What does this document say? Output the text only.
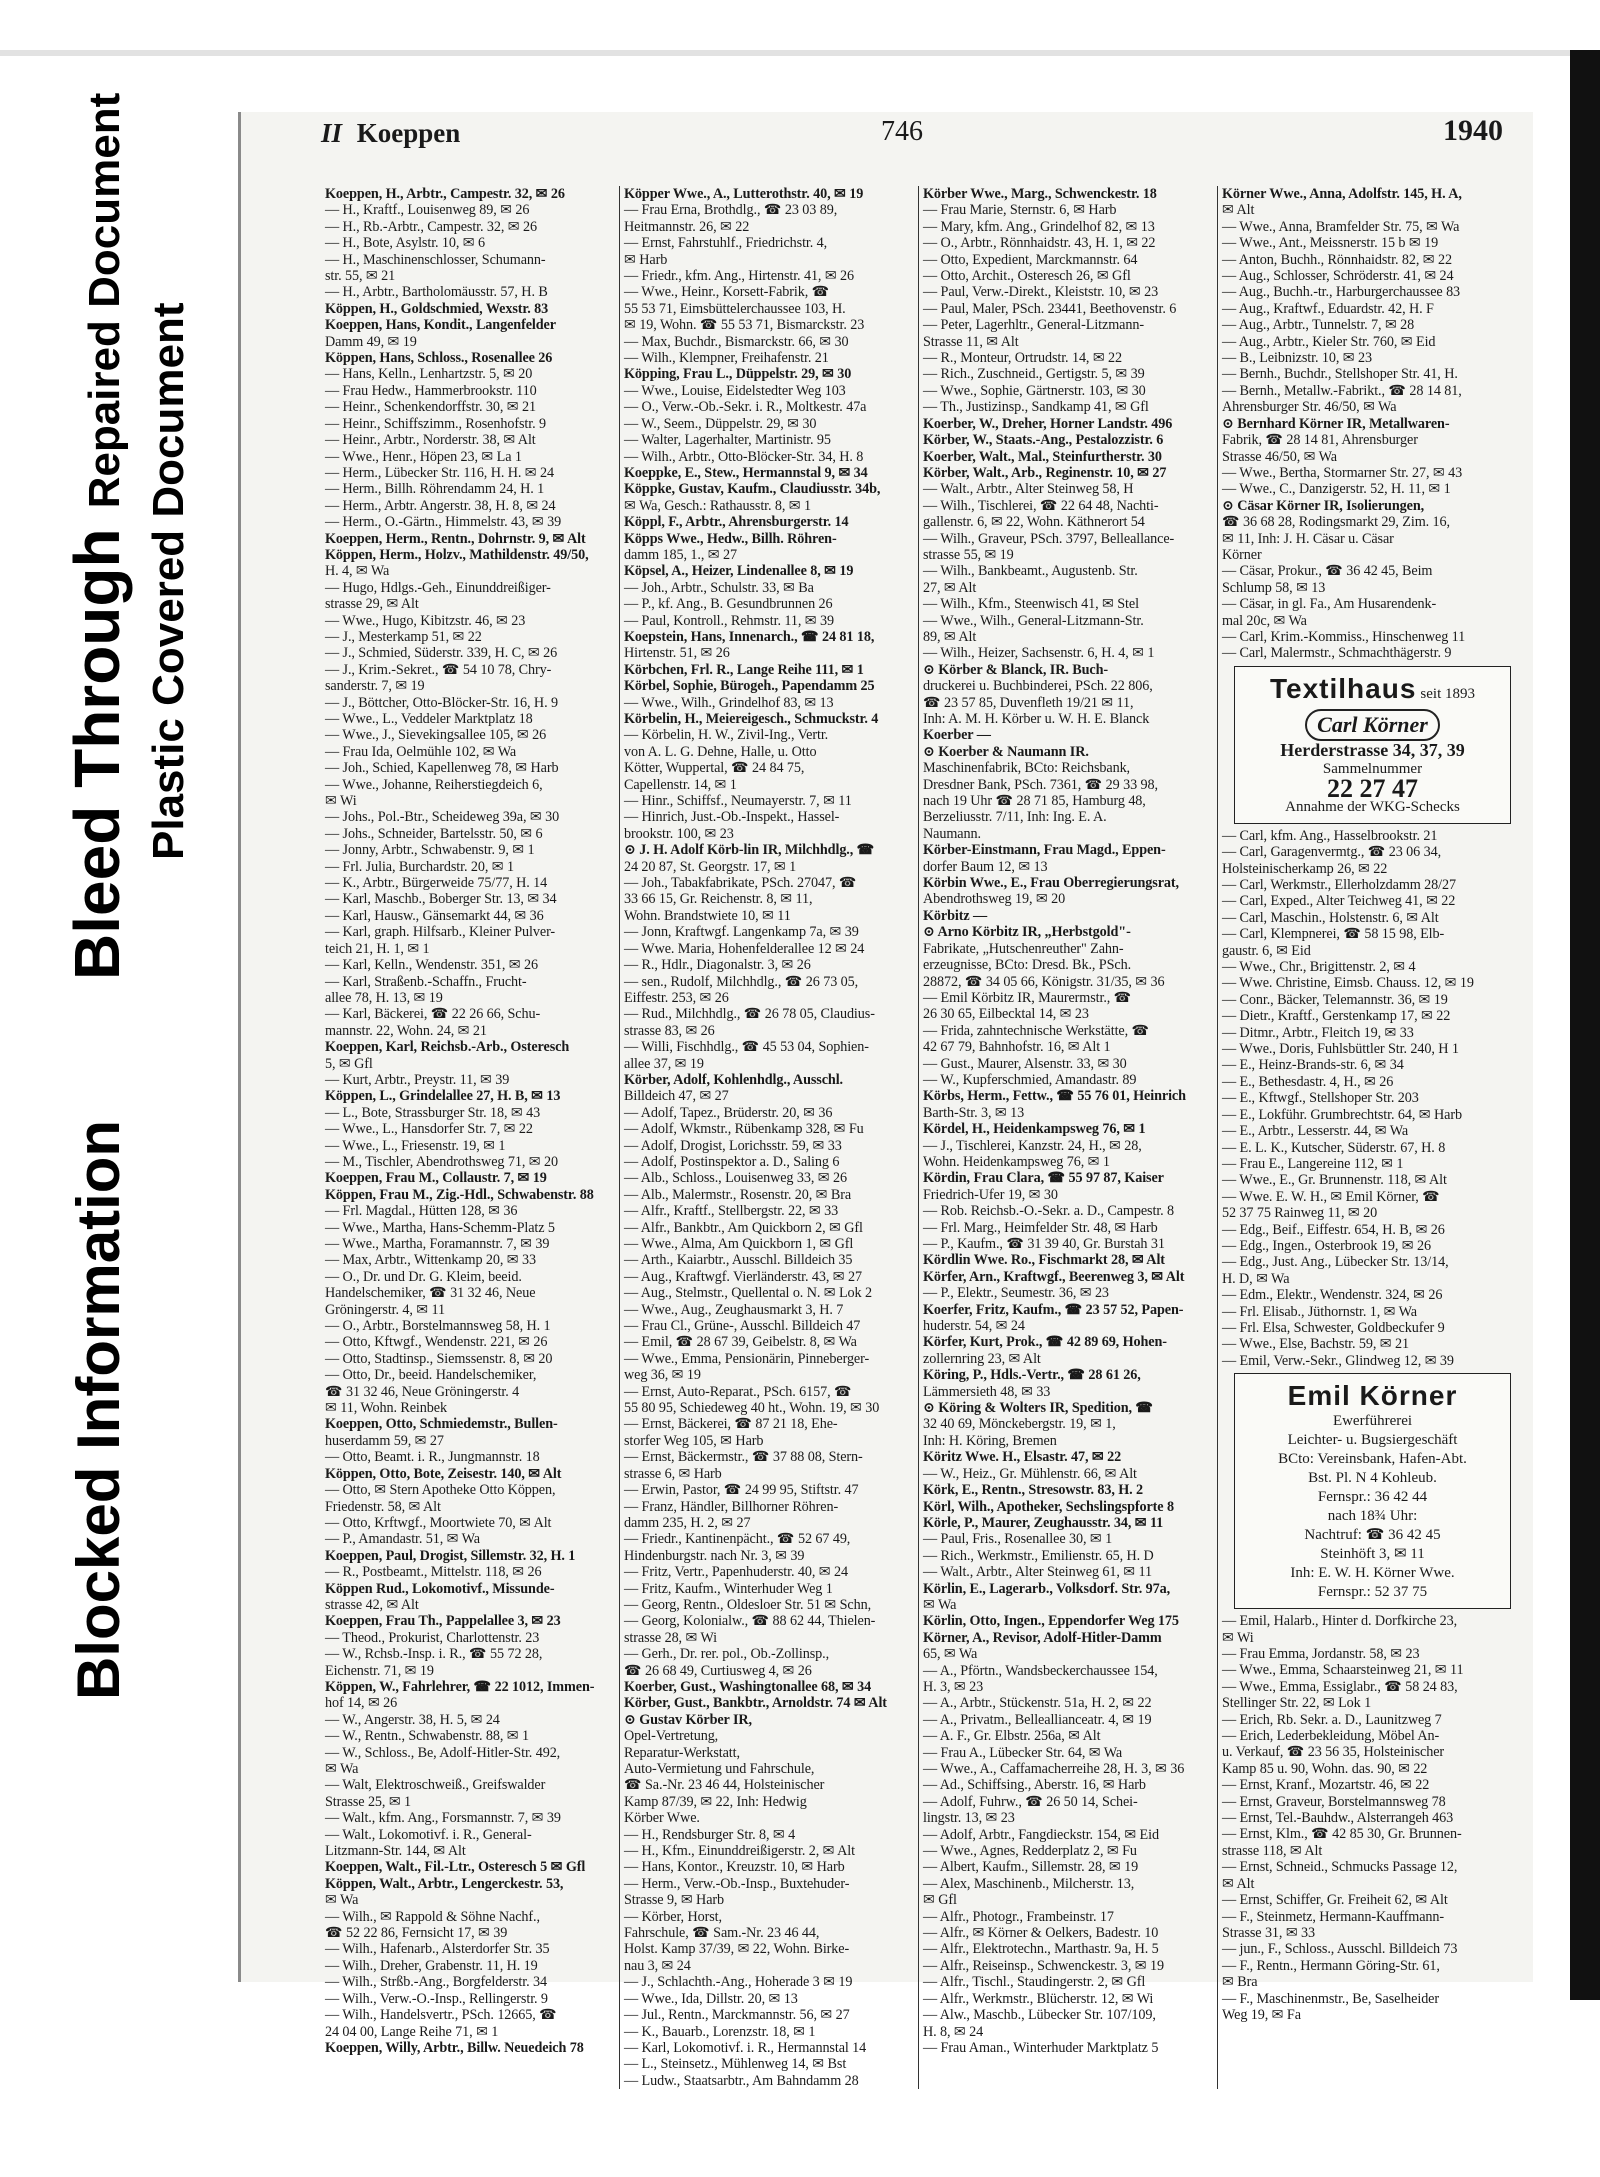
Blocked Information
Bleed Through
Repaired Document
Plastic Covered Document
II Koeppen	746	1940
Koeppen, H., Arbtr., Campestr. 32, ✉ 26
— H., Kraftf., Louisenweg 89, ✉ 26
— H., Rb.-Arbtr., Campestr. 32, ✉ 26
— H., Bote, Asylstr. 10, ✉ 6
— H., Maschinenschlosser, Schumann-
str. 55, ✉ 21
— H., Arbtr., Bartholomäusstr. 57, H. B
Köppen, H., Goldschmied, Wexstr. 83
Koeppen, Hans, Kondit., Langenfelder
Damm 49, ✉ 19
Köppen, Hans, Schloss., Rosenallee 26
— Hans, Kelln., Lenhartzstr. 5, ✉ 20
— Frau Hedw., Hammerbrookstr. 110
— Heinr., Schenkendorffstr. 30, ✉ 21
— Heinr., Schiffszimm., Rosenhofstr. 9
— Heinr., Arbtr., Norderstr. 38, ✉ Alt
— Wwe., Henr., Höpen 23, ✉ La 1
— Herm., Lübecker Str. 116, H. H. ✉ 24
— Herm., Billh. Röhrendamm 24, H. 1
— Herm., Arbtr. Angerstr. 38, H. 8, ✉ 24
— Herm., O.-Gärtn., Himmelstr. 43, ✉ 39
Koeppen, Herm., Rentn., Dohrnstr. 9, ✉ Alt
Köppen, Herm., Holzv., Mathildenstr. 49/50,
H. 4, ✉ Wa
— Hugo, Hdlgs.-Geh., Einunddreißiger-
strasse 29, ✉ Alt
— Wwe., Hugo, Kibitzstr. 46, ✉ 23
— J., Mesterkamp 51, ✉ 22
— J., Schmied, Süderstr. 339, H. C, ✉ 26
— J., Krim.-Sekret., ☎ 54 10 78, Chry-
sanderstr. 7, ✉ 19
— J., Böttcher, Otto-Blöcker-Str. 16, H. 9
— Wwe., L., Veddeler Marktplatz 18
— Wwe., J., Sievekingsallee 105, ✉ 26
— Frau Ida, Oelmühle 102, ✉ Wa
— Joh., Schied, Kapellenweg 78, ✉ Harb
— Wwe., Johanne, Reiherstiegdeich 6,
✉ Wi
— Johs., Pol.-Btr., Scheideweg 39a, ✉ 30
— Johs., Schneider, Bartelsstr. 50, ✉ 6
— Jonny, Arbtr., Schwabenstr. 9, ✉ 1
— Frl. Julia, Burchardstr. 20, ✉ 1
— K., Arbtr., Bürgerweide 75/77, H. 14
— Karl, Maschb., Boberger Str. 13, ✉ 34
— Karl, Hausw., Gänsemarkt 44, ✉ 36
— Karl, graph. Hilfsarb., Kleiner Pulver-
teich 21, H. 1, ✉ 1
— Karl, Kelln., Wendenstr. 351, ✉ 26
— Karl, Straßenb.-Schaffn., Frucht-
allee 78, H. 13, ✉ 19
— Karl, Bäckerei, ☎ 22 26 66, Schu-
mannstr. 22, Wohn. 24, ✉ 21
Koeppen, Karl, Reichsb.-Arb., Osteresch
5, ✉ Gfl
— Kurt, Arbtr., Preystr. 11, ✉ 39
Köppen, L., Grindelallee 27, H. B, ✉ 13
— L., Bote, Strassburger Str. 18, ✉ 43
— Wwe., L., Hansdorfer Str. 7, ✉ 22
— Wwe., L., Friesenstr. 19, ✉ 1
— M., Tischler, Abendrothsweg 71, ✉ 20
Koeppen, Frau M., Collaustr. 7, ✉ 19
Köppen, Frau M., Zig.-Hdl., Schwabenstr. 88
— Frl. Magdal., Hütten 128, ✉ 36
— Wwe., Martha, Hans-Schemm-Platz 5
— Wwe., Martha, Foramannstr. 7, ✉ 39
— Max, Arbtr., Wittenkamp 20, ✉ 33
— O., Dr. und Dr. G. Kleim, beeid.
Handelschemiker, ☎ 31 32 46, Neue
Gröningerstr. 4, ✉ 11
— O., Arbtr., Borstelmannsweg 58, H. 1
— Otto, Kftwgf., Wendenstr. 221, ✉ 26
— Otto, Stadtinsp., Siemssenstr. 8, ✉ 20
— Otto, Dr., beeid. Handelschemiker,
☎ 31 32 46, Neue Gröningerstr. 4
✉ 11, Wohn. Reinbek
Koeppen, Otto, Schmiedemstr., Bullen-
huserdamm 59, ✉ 27
— Otto, Beamt. i. R., Jungmannstr. 18
Köppen, Otto, Bote, Zeisestr. 140, ✉ Alt
— Otto, ✉ Stern Apotheke Otto Köppen,
Friedenstr. 58, ✉ Alt
— Otto, Krftwgf., Moortwiete 70, ✉ Alt
— P., Amandastr. 51, ✉ Wa
Koeppen, Paul, Drogist, Sillemstr. 32, H. 1
— R., Postbeamt., Mittelstr. 118, ✉ 26
Köppen Rud., Lokomotivf., Missunde-
strasse 42, ✉ Alt
Koeppen, Frau Th., Pappelallee 3, ✉ 23
— Theod., Prokurist, Charlottenstr. 23
— W., Rchsb.-Insp. i. R., ☎ 55 72 28,
Eichenstr. 71, ✉ 19
Köppen, W., Fahrlehrer, ☎ 22 1012, Immen-
hof 14, ✉ 26
— W., Angerstr. 38, H. 5, ✉ 24
— W., Rentn., Schwabenstr. 88, ✉ 1
— W., Schloss., Be, Adolf-Hitler-Str. 492,
✉ Wa
— Walt, Elektroschweiß., Greifswalder
Strasse 25, ✉ 1
— Walt., kfm. Ang., Forsmannstr. 7, ✉ 39
— Walt., Lokomotivf. i. R., General-
Litzmann-Str. 144, ✉ Alt
Koeppen, Walt., Fil.-Ltr., Osteresch 5 ✉ Gfl
Köppen, Walt., Arbtr., Lengerckestr. 53,
✉ Wa
— Wilh., ✉ Rappold & Söhne Nachf.,
☎ 52 22 86, Fernsicht 17, ✉ 39
— Wilh., Hafenarb., Alsterdorfer Str. 35
— Wilh., Dreher, Grabenstr. 11, H. 19
— Wilh., Strßb.-Ang., Borgfelderstr. 34
— Wilh., Verw.-O.-Insp., Rellingerstr. 9
— Wilh., Handelsvertr., PSch. 12665, ☎
24 04 00, Lange Reihe 71, ✉ 1
Koeppen, Willy, Arbtr., Billw. Neuedeich 78
Köpper Wwe., A., Lutterothstr. 40, ✉ 19
— Frau Erna, Brothdlg., ☎ 23 03 89,
Heitmannstr. 26, ✉ 22
— Ernst, Fahrstuhlf., Friedrichstr. 4,
✉ Harb
— Friedr., kfm. Ang., Hirtenstr. 41, ✉ 26
— Wwe., Heinr., Korsett-Fabrik, ☎
55 53 71, Eimsbüttelerchaussee 103, H.
✉ 19, Wohn. ☎ 55 53 71, Bismarckstr. 23
— Max, Buchdr., Bismarckstr. 66, ✉ 30
— Wilh., Klempner, Freihafenstr. 21
Köpping, Frau L., Düppelstr. 29, ✉ 30
— Wwe., Louise, Eidelstedter Weg 103
— O., Verw.-Ob.-Sekr. i. R., Moltkestr. 47a
— W., Seem., Düppelstr. 29, ✉ 30
— Walter, Lagerhalter, Martinistr. 95
— Wilh., Arbtr., Otto-Blöcker-Str. 34, H. 8
Koeppke, E., Stew., Hermannstal 9, ✉ 34
Köppke, Gustav, Kaufm., Claudiusstr. 34b,
✉ Wa, Gesch.: Rathausstr. 8, ✉ 1
Köppl, F., Arbtr., Ahrensburgerstr. 14
Köpps Wwe., Hedw., Billh. Röhren-
damm 185, 1., ✉ 27
Köpsel, A., Heizer, Lindenallee 8, ✉ 19
— Joh., Arbtr., Schulstr. 33, ✉ Ba
— P., kf. Ang., B. Gesundbrunnen 26
— Paul, Kontroll., Rehmstr. 11, ✉ 39
Koepstein, Hans, Innenarch., ☎ 24 81 18,
Hirtenstr. 51, ✉ 26
Körbchen, Frl. R., Lange Reihe 111, ✉ 1
Körbel, Sophie, Bürogeh., Papendamm 25
— Wwe., Wilh., Grindelhof 83, ✉ 13
Körbelin, H., Meiereigesch., Schmuckstr. 4
— Körbelin, H. W., Zivil-Ing., Vertr.
von A. L. G. Dehne, Halle, u. Otto
Kötter, Wuppertal, ☎ 24 84 75,
Capellenstr. 14, ✉ 1
— Hinr., Schiffsf., Neumayerstr. 7, ✉ 11
— Hinrich, Just.-Ob.-Inspekt., Hassel-
brookstr. 100, ✉ 23
⊙ J. H. Adolf Körb-lin IR, Milchhdlg., ☎
24 20 87, St. Georgstr. 17, ✉ 1
— Joh., Tabakfabrikate, PSch. 27047, ☎
33 66 15, Gr. Reichenstr. 8, ✉ 11,
Wohn. Brandstwiete 10, ✉ 11
— Jonn, Kraftwgf. Langenkamp 7a, ✉ 39
— Wwe. Maria, Hohenfelderallee 12 ✉ 24
— R., Hdlr., Diagonalstr. 3, ✉ 26
— sen., Rudolf, Milchhdlg., ☎ 26 73 05,
Eiffestr. 253, ✉ 26
— Rud., Milchhdlg., ☎ 26 78 05, Claudius-
strasse 83, ✉ 26
— Willi, Fischhdlg., ☎ 45 53 04, Sophien-
allee 37, ✉ 19
Körber, Adolf, Kohlenhdlg., Ausschl.
Billdeich 47, ✉ 27
— Adolf, Tapez., Brüderstr. 20, ✉ 36
— Adolf, Wkmstr., Rübenkamp 328, ✉ Fu
— Adolf, Drogist, Lorichsstr. 59, ✉ 33
— Adolf, Postinspektor a. D., Saling 6
— Alb., Schloss., Louisenweg 33, ✉ 26
— Alb., Malermstr., Rosenstr. 20, ✉ Bra
— Alfr., Kraftf., Stellbergstr. 22, ✉ 33
— Alfr., Bankbtr., Am Quickborn 2, ✉ Gfl
— Wwe., Alma, Am Quickborn 1, ✉ Gfl
— Arth., Kaiarbtr., Ausschl. Billdeich 35
— Aug., Kraftwgf. Vierländerstr. 43, ✉ 27
— Aug., Stelmstr., Quellental o. N. ✉ Lok 2
— Wwe., Aug., Zeughausmarkt 3, H. 7
— Frau Cl., Grüne-, Ausschl. Billdeich 47
— Emil, ☎ 28 67 39, Geibelstr. 8, ✉ Wa
— Wwe., Emma, Pensionärin, Pinneberger-
weg 36, ✉ 19
— Ernst, Auto-Reparat., PSch. 6157, ☎
55 80 95, Schiedeweg 40 ht., Wohn. 19, ✉ 30
— Ernst, Bäckerei, ☎ 87 21 18, Ehe-
storfer Weg 105, ✉ Harb
— Ernst, Bäckermstr., ☎ 37 88 08, Stern-
strasse 6, ✉ Harb
— Erwin, Pastor, ☎ 24 99 95, Stiftstr. 47
— Franz, Händler, Billhorner Röhren-
damm 235, H. 2, ✉ 27
— Friedr., Kantinenpächt., ☎ 52 67 49,
Hindenburgstr. nach Nr. 3, ✉ 39
— Fritz, Vertr., Papenhuderstr. 40, ✉ 24
— Fritz, Kaufm., Winterhuder Weg 1
— Georg, Rentn., Oldesloer Str. 51 ✉ Schn,
— Georg, Kolonialw., ☎ 88 62 44, Thielen-
strasse 28, ✉ Wi
— Gerh., Dr. rer. pol., Ob.-Zollinsp.,
☎ 26 68 49, Curtiusweg 4, ✉ 26
Koerber, Gust., Washingtonallee 68, ✉ 34
Körber, Gust., Bankbtr., Arnoldstr. 74 ✉ Alt
⊙ Gustav Körber IR,
Opel-Vertretung,
Reparatur-Werkstatt,
Auto-Vermietung und Fahrschule,
☎ Sa.-Nr. 23 46 44, Holsteinischer
Kamp 87/39, ✉ 22, Inh: Hedwig
Körber Wwe.
— H., Rendsburger Str. 8, ✉ 4
— H., Kfm., Einunddreißigerstr. 2, ✉ Alt
— Hans, Kontor., Kreuzstr. 10, ✉ Harb
— Herm., Verw.-Ob.-Insp., Buxtehuder-
Strasse 9, ✉ Harb
— Körber, Horst,
Fahrschule, ☎ Sam.-Nr. 23 46 44,
Holst. Kamp 37/39, ✉ 22, Wohn. Birke-
nau 3, ✉ 24
— J., Schlachth.-Ang., Hoherade 3 ✉ 19
— Wwe., Ida, Dillstr. 20, ✉ 13
— Jul., Rentn., Marckmannstr. 56, ✉ 27
— K., Bauarb., Lorenzstr. 18, ✉ 1
— Karl, Lokomotivf. i. R., Hermannstal 14
— L., Steinsetz., Mühlenweg 14, ✉ Bst
— Ludw., Staatsarbtr., Am Bahndamm 28
Körber Wwe., Marg., Schwenckestr. 18
— Frau Marie, Sternstr. 6, ✉ Harb
— Mary, kfm. Ang., Grindelhof 82, ✉ 13
— O., Arbtr., Rönnhaidstr. 43, H. 1, ✉ 22
— Otto, Expedient, Marckmannstr. 64
— Otto, Archit., Osteresch 26, ✉ Gfl
— Paul, Verw.-Direkt., Kleiststr. 10, ✉ 23
— Paul, Maler, PSch. 23441, Beethovenstr. 6
— Peter, Lagerhltr., General-Litzmann-
Strasse 11, ✉ Alt
— R., Monteur, Ortrudstr. 14, ✉ 22
— Rich., Zuschneid., Gertigstr. 5, ✉ 39
— Wwe., Sophie, Gärtnerstr. 103, ✉ 30
— Th., Justizinsp., Sandkamp 41, ✉ Gfl
Koerber, W., Dreher, Horner Landstr. 496
Körber, W., Staats.-Ang., Pestalozzistr. 6
Koerber, Walt., Mal., Steinfurtherstr. 30
Körber, Walt., Arb., Reginenstr. 10, ✉ 27
— Walt., Arbtr., Alter Steinweg 58, H
— Wilh., Tischlerei, ☎ 22 64 48, Nachti-
gallenstr. 6, ✉ 22, Wohn. Käthnerort 54
— Wilh., Graveur, PSch. 3797, Belleallance-
strasse 55, ✉ 19
— Wilh., Bankbeamt., Augustenb. Str.
27, ✉ Alt
— Wilh., Kfm., Steenwisch 41, ✉ Stel
— Wwe., Wilh., General-Litzmann-Str.
89, ✉ Alt
— Wilh., Heizer, Sachsenstr. 6, H. 4, ✉ 1
⊙ Körber & Blanck, IR. Buch-
druckerei u. Buchbinderei, PSch. 22 806,
☎ 23 57 85, Duvenfleth 19/21 ✉ 11,
Inh: A. M. H. Körber u. W. H. E. Blanck
Koerber —
⊙ Koerber & Naumann IR.
Maschinenfabrik, BCto: Reichsbank,
Dresdner Bank, PSch. 7361, ☎ 29 33 98,
nach 19 Uhr ☎ 28 71 85, Hamburg 48,
Berzeliusstr. 7/11, Inh: Ing. E. A.
Naumann.
Körber-Einstmann, Frau Magd., Eppen-
dorfer Baum 12, ✉ 13
Körbin Wwe., E., Frau Oberregierungsrat,
Abendrothsweg 19, ✉ 20
Körbitz —
⊙ Arno Körbitz IR, „Herbstgold"-
Fabrikate, „Hutschenreuther" Zahn-
erzeugnisse, BCto: Dresd. Bk., PSch.
28872, ☎ 34 05 66, Königstr. 31/35, ✉ 36
— Emil Körbitz IR, Maurermstr., ☎
26 30 65, Eilbecktal 14, ✉ 23
— Frida, zahntechnische Werkstätte, ☎
42 67 79, Bahnhofstr. 16, ✉ Alt 1
— Gust., Maurer, Alsenstr. 33, ✉ 30
— W., Kupferschmied, Amandastr. 89
Körbs, Herm., Fettw., ☎ 55 76 01, Heinrich
Barth-Str. 3, ✉ 13
Kördel, H., Heidenkampsweg 76, ✉ 1
— J., Tischlerei, Kanzstr. 24, H., ✉ 28,
Wohn. Heidenkampsweg 76, ✉ 1
Kördin, Frau Clara, ☎ 55 97 87, Kaiser
Friedrich-Ufer 19, ✉ 30
— Rob. Reichsb.-O.-Sekr. a. D., Campestr. 8
— Frl. Marg., Heimfelder Str. 48, ✉ Harb
— P., Kaufm., ☎ 31 39 40, Gr. Burstah 31
Kördlin Wwe. Ro., Fischmarkt 28, ✉ Alt
Körfer, Arn., Kraftwgf., Beerenweg 3, ✉ Alt
— P., Elektr., Seumestr. 36, ✉ 23
Koerfer, Fritz, Kaufm., ☎ 23 57 52, Papen-
huderstr. 54, ✉ 24
Körfer, Kurt, Prok., ☎ 42 89 69, Hohen-
zollernring 23, ✉ Alt
Köring, P., Hdls.-Vertr., ☎ 28 61 26,
Lämmersieth 48, ✉ 33
⊙ Köring & Wolters IR, Spedition, ☎
32 40 69, Mönckebergstr. 19, ✉ 1,
Inh: H. Köring, Bremen
Köritz Wwe. H., Elsastr. 47, ✉ 22
— W., Heiz., Gr. Mühlenstr. 66, ✉ Alt
Körk, E., Rentn., Stresowstr. 83, H. 2
Körl, Wilh., Apotheker, Sechslingspforte 8
Körle, P., Maurer, Zeughausstr. 34, ✉ 11
— Paul, Fris., Rosenallee 30, ✉ 1
— Rich., Werkmstr., Emilienstr. 65, H. D
— Walt., Arbtr., Alter Steinweg 61, ✉ 11
Körlin, E., Lagerarb., Volksdorf. Str. 97a,
✉ Wa
Körlin, Otto, Ingen., Eppendorfer Weg 175
Körner, A., Revisor, Adolf-Hitler-Damm
65, ✉ Wa
— A., Pförtn., Wandsbeckerchaussee 154,
H. 3, ✉ 23
— A., Arbtr., Stückenstr. 51a, H. 2, ✉ 22
— A., Privatm., Belleallianceatr. 4, ✉ 19
— A. F., Gr. Elbstr. 256a, ✉ Alt
— Frau A., Lübecker Str. 64, ✉ Wa
— Wwe., A., Caffamacherreihe 28, H. 3, ✉ 36
— Ad., Schiffsing., Aberstr. 16, ✉ Harb
— Adolf, Fuhrw., ☎ 26 50 14, Schei-
lingstr. 13, ✉ 23
— Adolf, Arbtr., Fangdieckstr. 154, ✉ Eid
— Wwe., Agnes, Redderplatz 2, ✉ Fu
— Albert, Kaufm., Sillemstr. 28, ✉ 19
— Alex, Maschinenb., Milcherstr. 13,
✉ Gfl
— Alfr., Photogr., Frambeinstr. 17
— Alfr., ✉ Körner & Oelkers, Badestr. 10
— Alfr., Elektrotechn., Marthastr. 9a, H. 5
— Alfr., Reiseinsp., Schwenckestr. 3, ✉ 19
— Alfr., Tischl., Staudingerstr. 2, ✉ Gfl
— Alfr., Werkmstr., Blücherstr. 12, ✉ Wi
— Alw., Maschb., Lübecker Str. 107/109,
H. 8, ✉ 24
— Frau Aman., Winterhuder Marktplatz 5
Körner Wwe., Anna, Adolfstr. 145, H. A,
✉ Alt
— Wwe., Anna, Bramfelder Str. 75, ✉ Wa
— Wwe., Ant., Meissnerstr. 15 b ✉ 19
— Anton, Buchh., Rönnhaidstr. 82, ✉ 22
— Aug., Schlosser, Schröderstr. 41, ✉ 24
— Aug., Buchh.-tr., Harburgerchaussee 83
— Aug., Kraftwf., Eduardstr. 42, H. F
— Aug., Arbtr., Tunnelstr. 7, ✉ 28
— Aug., Arbtr., Kieler Str. 760, ✉ Eid
— B., Leibnizstr. 10, ✉ 23
— Bernh., Buchdr., Stellshoper Str. 41, H.
— Bernh., Metallw.-Fabrikt., ☎ 28 14 81,
Ahrensburger Str. 46/50, ✉ Wa
⊙ Bernhard Körner IR, Metallwaren-
Fabrik, ☎ 28 14 81, Ahrensburger
Strasse 46/50, ✉ Wa
— Wwe., Bertha, Stormarner Str. 27, ✉ 43
— Wwe., C., Danzigerstr. 52, H. 11, ✉ 1
⊙ Cäsar Körner IR, Isolierungen,
☎ 36 68 28, Rodingsmarkt 29, Zim. 16,
✉ 11, Inh: J. H. Cäsar u. Cäsar
Körner
— Cäsar, Prokur., ☎ 36 42 45, Beim
Schlump 58, ✉ 13
— Cäsar, in gl. Fa., Am Husarendenk-
mal 20c, ✉ Wa
— Carl, Krim.-Kommiss., Hinschenweg 11
— Carl, Malermstr., Schmachthägerstr. 9
Textilhaus seit 1893
Carl Körner
Herderstrasse 34, 37, 39
Sammelnummer
22 27 47
Annahme der WKG-Schecks
— Carl, kfm. Ang., Hasselbrookstr. 21
— Carl, Garagenvermtg., ☎ 23 06 34,
Holsteinischerkamp 26, ✉ 22
— Carl, Werkmstr., Ellerholzdamm 28/27
— Carl, Exped., Alter Teichweg 41, ✉ 22
— Carl, Maschin., Holstenstr. 6, ✉ Alt
— Carl, Klempnerei, ☎ 58 15 98, Elb-
gaustr. 6, ✉ Eid
— Wwe., Chr., Brigittenstr. 2, ✉ 4
— Wwe. Christine, Eimsb. Chauss. 12, ✉ 19
— Conr., Bäcker, Telemannstr. 36, ✉ 19
— Dietr., Kraftf., Gerstenkamp 17, ✉ 22
— Ditmr., Arbtr., Fleitch 19, ✉ 33
— Wwe., Doris, Fuhlsbüttler Str. 240, H 1
— E., Heinz-Brands-str. 6, ✉ 34
— E., Bethesdastr. 4, H., ✉ 26
— E., Kftwgf., Stellshoper Str. 203
— E., Lokführ. Grumbrechtstr. 64, ✉ Harb
— E., Arbtr., Lesserstr. 44, ✉ Wa
— E. L. K., Kutscher, Süderstr. 67, H. 8
— Frau E., Langereine 112, ✉ 1
— Wwe., E., Gr. Brunnenstr. 118, ✉ Alt
— Wwe. E. W. H., ✉ Emil Körner, ☎
52 37 75 Rainweg 11, ✉ 20
— Edg., Beif., Eiffestr. 654, H. B, ✉ 26
— Edg., Ingen., Osterbrook 19, ✉ 26
— Edg., Just. Ang., Lübecker Str. 13/14,
H. D, ✉ Wa
— Edm., Elektr., Wendenstr. 324, ✉ 26
— Frl. Elisab., Jüthornstr. 1, ✉ Wa
— Frl. Elsa, Schwester, Goldbeckufer 9
— Wwe., Else, Bachstr. 59, ✉ 21
— Emil, Verw.-Sekr., Glindweg 12, ✉ 39
Emil Körner
Ewerführerei
Leichter- u. Bugsiergeschäft
BCto: Vereinsbank, Hafen-Abt.
Bst. Pl. N 4 Kohleub.
Fernspr.: 36 42 44
nach 18¾ Uhr:
Nachtruf: ☎ 36 42 45
Steinhöft 3, ✉ 11
Inh: E. W. H. Körner Wwe.
Fernspr.: 52 37 75
— Emil, Halarb., Hinter d. Dorfkirche 23,
✉ Wi
— Frau Emma, Jordanstr. 58, ✉ 23
— Wwe., Emma, Schaarsteinweg 21, ✉ 11
— Wwe., Emma, Essiglabr., ☎ 58 24 83,
Stellinger Str. 22, ✉ Lok 1
— Erich, Rb. Sekr. a. D., Launitzweg 7
— Erich, Lederbekleidung, Möbel An-
u. Verkauf, ☎ 23 56 35, Holsteinischer
Kamp 85 u. 90, Wohn. das. 90, ✉ 22
— Ernst, Kranf., Mozartstr. 46, ✉ 22
— Ernst, Graveur, Borstelmannsweg 78
— Ernst, Tel.-Bauhdw., Alsterrangeh 463
— Ernst, Klm., ☎ 42 85 30, Gr. Brunnen-
strasse 118, ✉ Alt
— Ernst, Schneid., Schmucks Passage 12,
✉ Alt
— Ernst, Schiffer, Gr. Freiheit 62, ✉ Alt
— F., Steinmetz, Hermann-Kauffmann-
Strasse 31, ✉ 33
— jun., F., Schloss., Ausschl. Billdeich 73
— F., Rentn., Hermann Göring-Str. 61,
✉ Bra
— F., Maschinenmstr., Be, Saselheider
Weg 19, ✉ Fa
